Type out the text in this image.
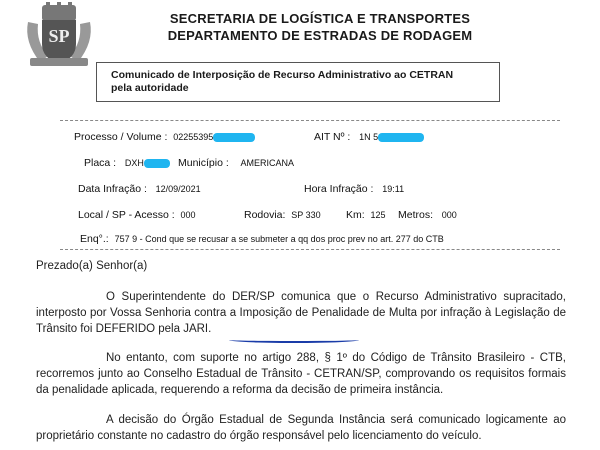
SP
SECRETARIA DE LOGÍSTICA E TRANSPORTES
DEPARTAMENTO DE ESTRADAS DE RODAGEM
Comunicado de Interposição de Recurso Administrativo ao CETRAN
pela autoridade
Processo / Volume : 02255395	AIT Nº : 1N 5
Placa : DXH	Município : AMERICANA
Data Infração : 12/09/2021	Hora Infração : 19:11
Local / SP - Acesso : 000	Rodovia: SP 330 Km: 125 Metros: 000
Enq°.: 757 9 - Cond que se recusar a se submeter a qq dos proc prev no art. 277 do CTB
Prezado(a) Senhor(a)
O Superintendente do DER/SP comunica que o Recurso Administrativo supracitado, interposto por Vossa Senhoria contra a Imposição de Penalidade de Multa por infração à Legislação de Trânsito foi DEFERIDO pela JARI.
No entanto, com suporte no artigo 288, § 1º do Código de Trânsito Brasileiro - CTB, recorremos junto ao Conselho Estadual de Trânsito - CETRAN/SP, comprovando os requisitos formais da penalidade aplicada, requerendo a reforma da decisão de primeira instância.
A decisão do Órgão Estadual de Segunda Instância será comunicado logicamente ao proprietário constante no cadastro do órgão responsável pelo licenciamento do veículo.
